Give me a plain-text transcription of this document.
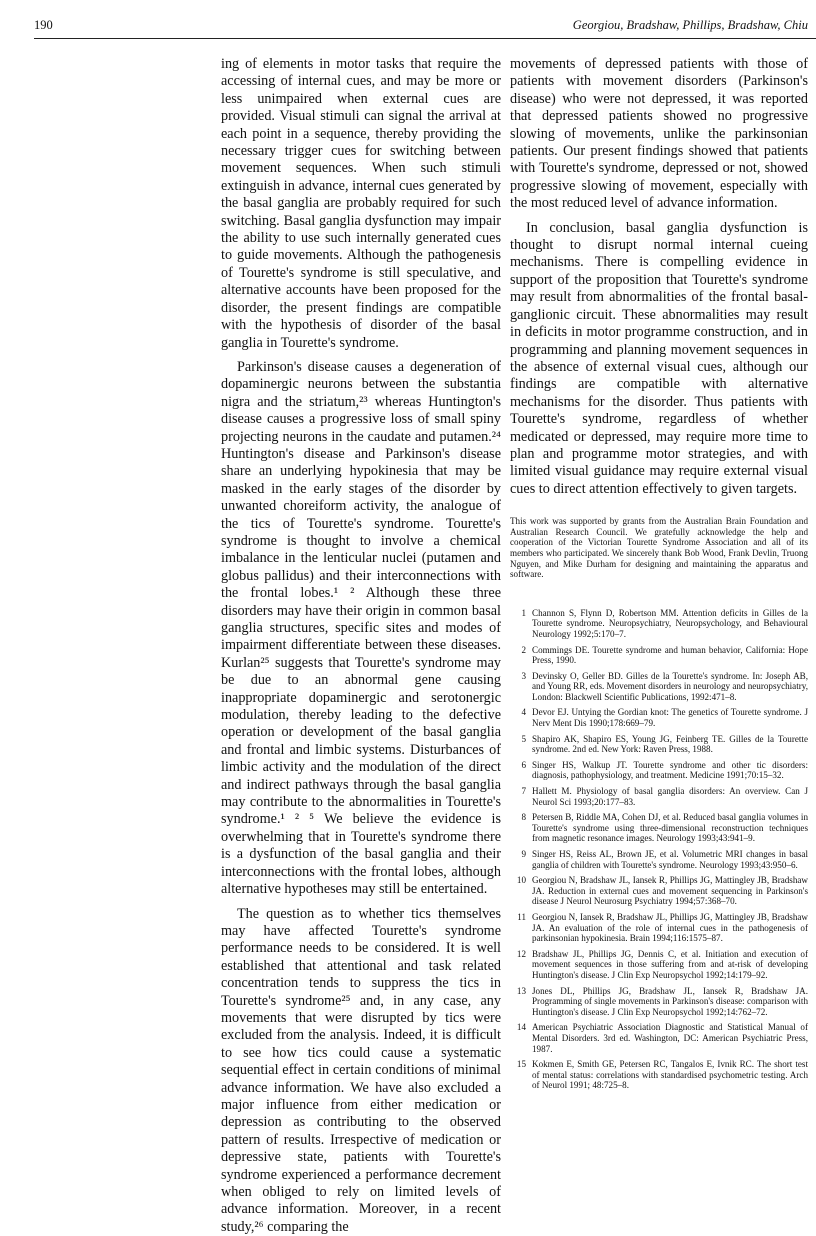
190	Georgiou, Bradshaw, Phillips, Bradshaw, Chiu

ing of elements in motor tasks that require the accessing of internal cues, and may be more or less unimpaired when external cues are provided. Visual stimuli can signal the arrival at each point in a sequence, thereby providing the necessary trigger cues for switching between movement sequences. When such stimuli extinguish in advance, internal cues generated by the basal ganglia are probably required for such switching. Basal ganglia dysfunction may impair the ability to use such internally generated cues to guide movements. Although the pathogenesis of Tourette's syndrome is still speculative, and alternative accounts have been proposed for the disorder, the present findings are compatible with the hypothesis of disorder of the basal ganglia in Tourette's syndrome.

Parkinson's disease causes a degeneration of dopaminergic neurons between the substantia nigra and the striatum,²³ whereas Huntington's disease causes a progressive loss of small spiny projecting neurons in the caudate and putamen.²⁴ Huntington's disease and Parkinson's disease share an underlying hypokinesia that may be masked in the early stages of the disorder by unwanted choreiform activity, the analogue of the tics of Tourette's syndrome. Tourette's syndrome is thought to involve a chemical imbalance in the lenticular nuclei (putamen and globus pallidus) and their interconnections with the frontal lobes.¹ ² Although these three disorders may have their origin in common basal ganglia structures, specific sites and modes of impairment differentiate between these diseases. Kurlan²⁵ suggests that Tourette's syndrome may be due to an abnormal gene causing inappropriate dopaminergic and serotonergic modulation, thereby leading to the defective operation or development of the basal ganglia and frontal and limbic systems. Disturbances of limbic activity and the modulation of the direct and indirect pathways through the basal ganglia may contribute to the abnormalities in Tourette's syndrome.¹ ² ⁵ We believe the evidence is overwhelming that in Tourette's syndrome there is a dysfunction of the basal ganglia and their interconnections with the frontal lobes, although alternative hypotheses may still be entertained.

The question as to whether tics themselves may have affected Tourette's syndrome performance needs to be considered. It is well established that attentional and task related concentration tends to suppress the tics in Tourette's syndrome²⁵ and, in any case, any movements that were disrupted by tics were excluded from the analysis. Indeed, it is difficult to see how tics could cause a systematic sequential effect in certain conditions of minimal advance information. We have also excluded a major influence from either medication or depression as contributing to the observed pattern of results. Irrespective of medication or depressive state, patients with Tourette's syndrome experienced a performance decrement when obliged to rely on limited levels of advance information. Moreover, in a recent study,²⁶ comparing the

movements of depressed patients with those of patients with movement disorders (Parkinson's disease) who were not depressed, it was reported that depressed patients showed no progressive slowing of movements, unlike the parkinsonian patients. Our present findings showed that patients with Tourette's syndrome, depressed or not, showed progressive slowing of movement, especially with the most reduced level of advance information.

In conclusion, basal ganglia dysfunction is thought to disrupt normal internal cueing mechanisms. There is compelling evidence in support of the proposition that Tourette's syndrome may result from abnormalities of the frontal basal-ganglionic circuit. These abnormalities may result in deficits in motor programme construction, and in programming and planning movement sequences in the absence of external visual cues, although our findings are compatible with alternative mechanisms for the disorder. Thus patients with Tourette's syndrome, regardless of whether medicated or depressed, may require more time to plan and programme motor strategies, and with limited visual guidance may require external visual cues to direct attention effectively to given targets.

This work was supported by grants from the Australian Brain Foundation and Australian Research Council. We gratefully acknowledge the help and cooperation of the Victorian Tourette Syndrome Association and all of its members who participated. We sincerely thank Bob Wood, Frank Devlin, Truong Nguyen, and Mike Durham for designing and maintaining the apparatus and software.

1 Channon S, Flynn D, Robertson MM. Attention deficits in Gilles de la Tourette syndrome. Neuropsychiatry, Neuropsychology, and Behavioural Neurology 1992;5:170–7.
2 Commings DE. Tourette syndrome and human behavior, California: Hope Press, 1990.
3 Devinsky O, Geller BD. Gilles de la Tourette's syndrome. In: Joseph AB, and Young RR, eds. Movement disorders in neurology and neuropsychiatry, London: Blackwell Scientific Publications, 1992:471–8.
4 Devor EJ. Untying the Gordian knot: The genetics of Tourette syndrome. J Nerv Ment Dis 1990;178:669–79.
5 Shapiro AK, Shapiro ES, Young JG, Feinberg TE. Gilles de la Tourette syndrome. 2nd ed. New York: Raven Press, 1988.
6 Singer HS, Walkup JT. Tourette syndrome and other tic disorders: diagnosis, pathophysiology, and treatment. Medicine 1991;70:15–32.
7 Hallett M. Physiology of basal ganglia disorders: An overview. Can J Neurol Sci 1993;20:177–83.
8 Petersen B, Riddle MA, Cohen DJ, et al. Reduced basal ganglia volumes in Tourette's syndrome using three-dimensional reconstruction techniques from magnetic resonance images. Neurology 1993;43:941–9.
9 Singer HS, Reiss AL, Brown JE, et al. Volumetric MRI changes in basal ganglia of children with Tourette's syndrome. Neurology 1993;43:950–6.
10 Georgiou N, Bradshaw JL, Iansek R, Phillips JG, Mattingley JB, Bradshaw JA. Reduction in external cues and movement sequencing in Parkinson's disease J Neurol Neurosurg Psychiatry 1994;57:368–70.
11 Georgiou N, Iansek R, Bradshaw JL, Phillips JG, Mattingley JB, Bradshaw JA. An evaluation of the role of internal cues in the pathogenesis of parkinsonian hypokinesia. Brain 1994;116:1575–87.
12 Bradshaw JL, Phillips JG, Dennis C, et al. Initiation and execution of movement sequences in those suffering from and at-risk of developing Huntington's disease. J Clin Exp Neuropsychol 1992;14:179–92.
13 Jones DL, Phillips JG, Bradshaw JL, Iansek R, Bradshaw JA. Programming of single movements in Parkinson's disease: comparison with Huntington's disease. J Clin Exp Neuropsychol 1992;14:762–72.
14 American Psychiatric Association Diagnostic and Statistical Manual of Mental Disorders. 3rd ed. Washington, DC: American Psychiatric Press, 1987.
15 Kokmen E, Smith GE, Petersen RC, Tangalos E, Ivnik RC. The short test of mental status: correlations with standardised psychometric testing. Arch of Neurol 1991; 48:725–8.
